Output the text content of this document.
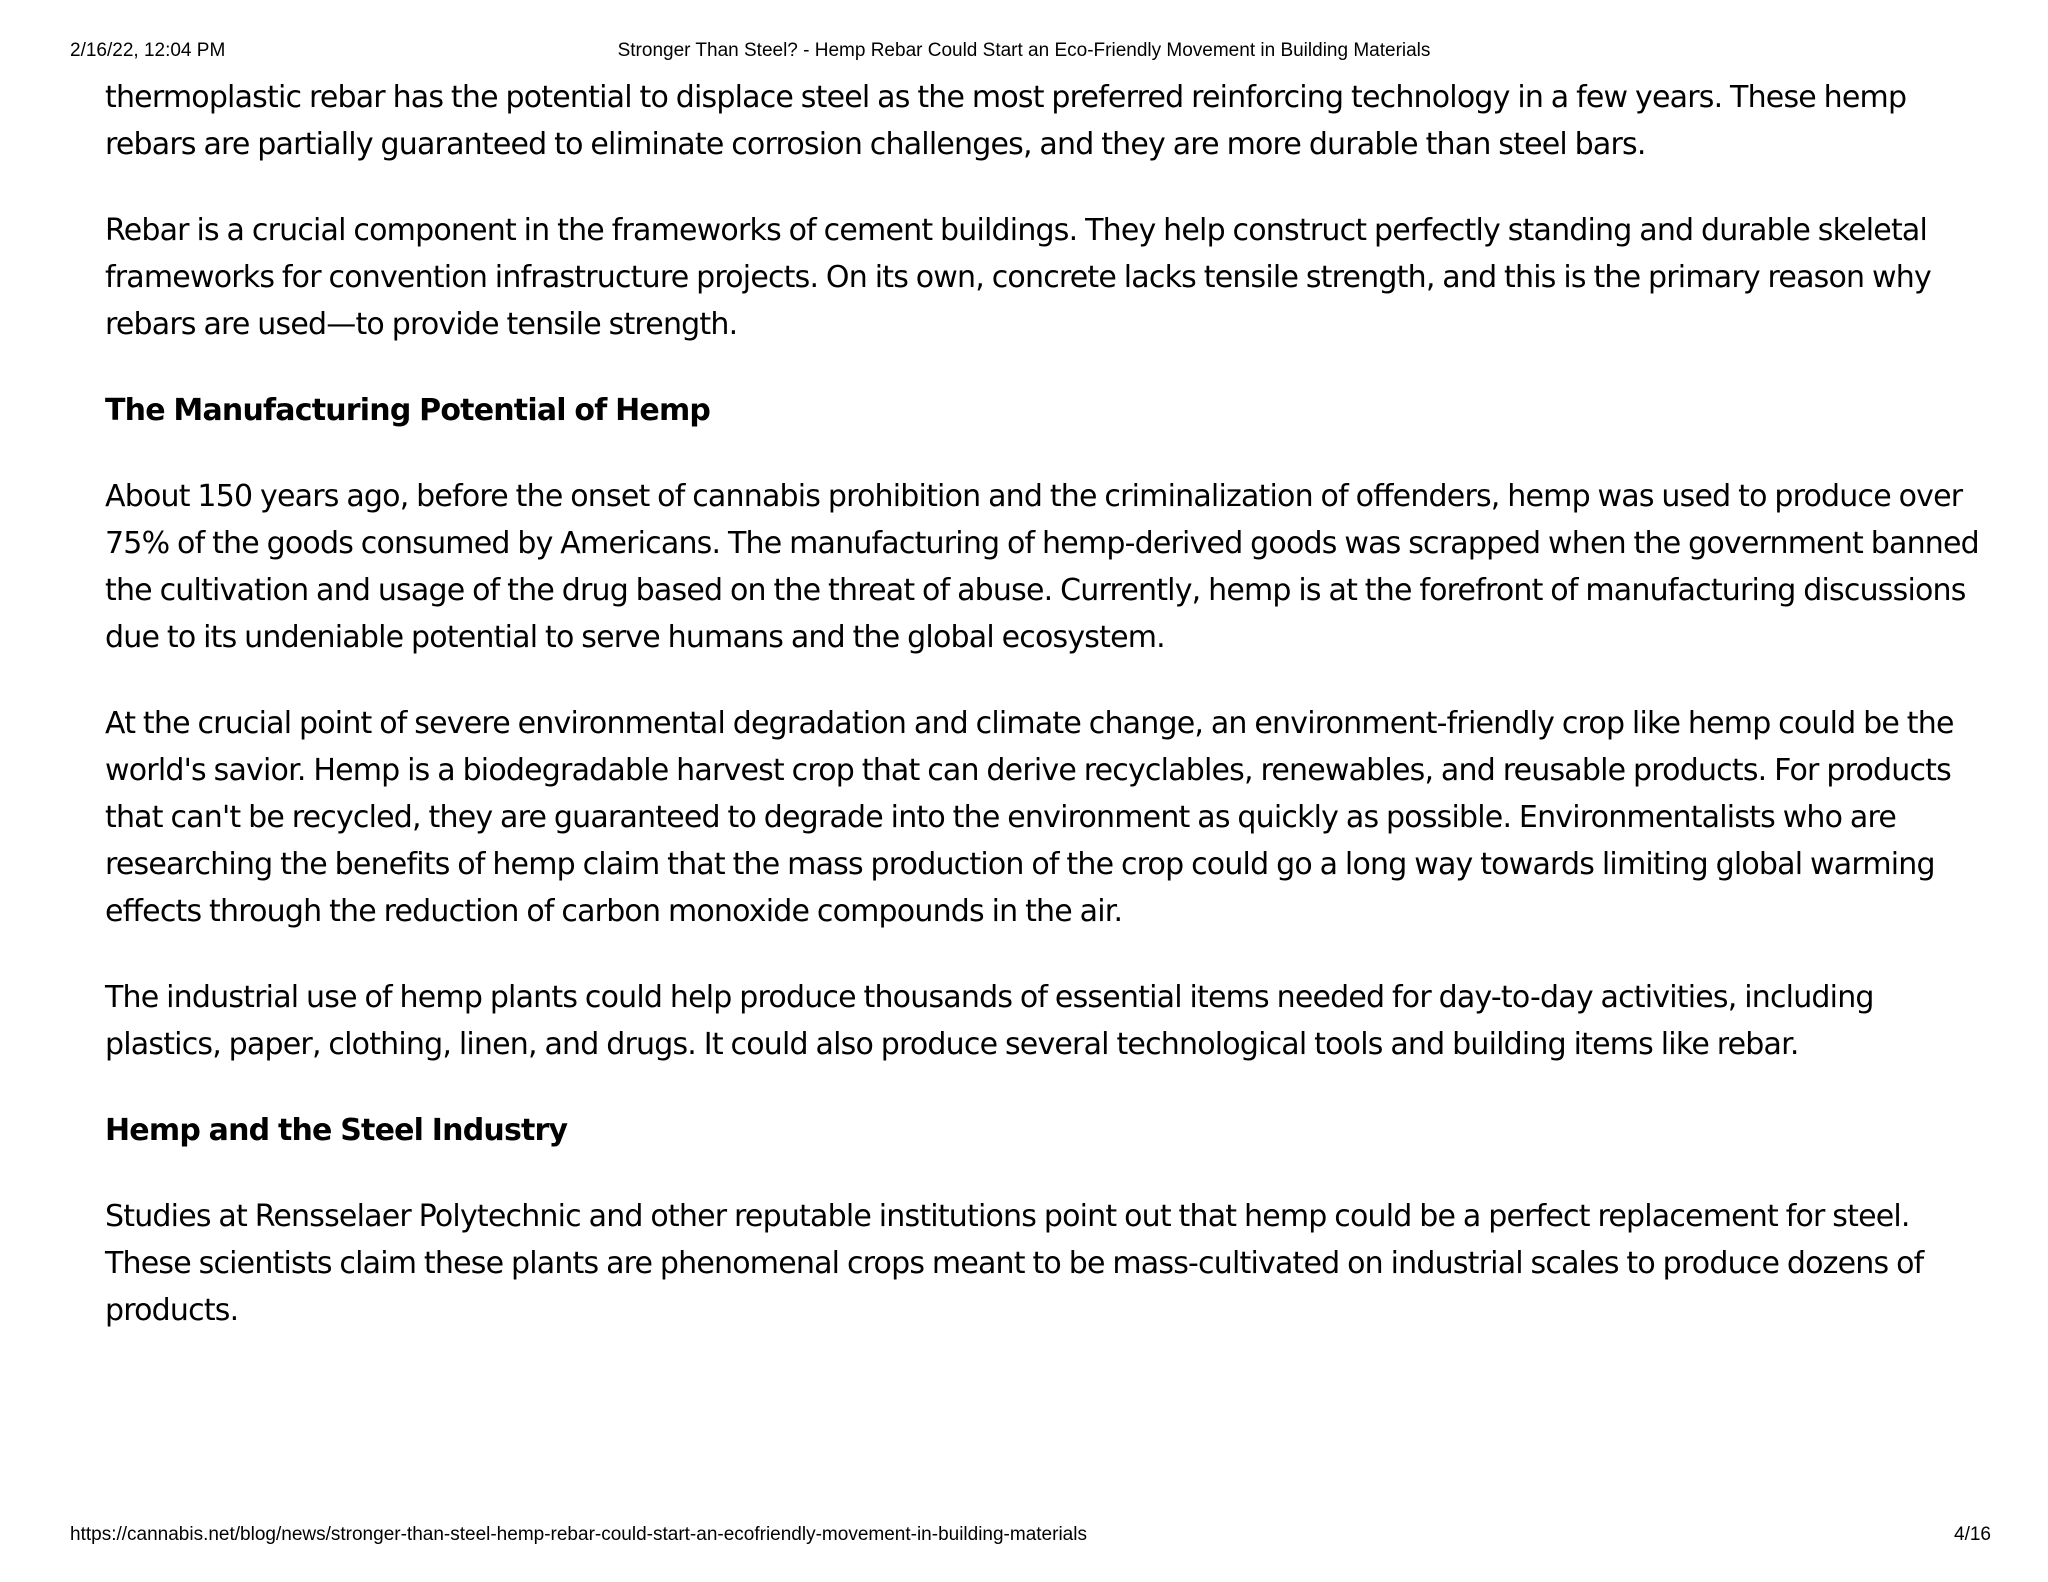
2/16/22, 12:04 PM	Stronger Than Steel? - Hemp Rebar Could Start an Eco-Friendly Movement in Building Materials

thermoplastic rebar has the potential to displace steel as the most preferred reinforcing technology in a few years. These hemp rebars are partially guaranteed to eliminate corrosion challenges, and they are more durable than steel bars.

Rebar is a crucial component in the frameworks of cement buildings. They help construct perfectly standing and durable skeletal frameworks for convention infrastructure projects. On its own, concrete lacks tensile strength, and this is the primary reason why rebars are used—to provide tensile strength.

The Manufacturing Potential of Hemp

About 150 years ago, before the onset of cannabis prohibition and the criminalization of offenders, hemp was used to produce over 75% of the goods consumed by Americans. The manufacturing of hemp-derived goods was scrapped when the government banned the cultivation and usage of the drug based on the threat of abuse. Currently, hemp is at the forefront of manufacturing discussions due to its undeniable potential to serve humans and the global ecosystem.

At the crucial point of severe environmental degradation and climate change, an environment-friendly crop like hemp could be the world's savior. Hemp is a biodegradable harvest crop that can derive recyclables, renewables, and reusable products. For products that can't be recycled, they are guaranteed to degrade into the environment as quickly as possible. Environmentalists who are researching the benefits of hemp claim that the mass production of the crop could go a long way towards limiting global warming effects through the reduction of carbon monoxide compounds in the air.

The industrial use of hemp plants could help produce thousands of essential items needed for day-to-day activities, including plastics, paper, clothing, linen, and drugs. It could also produce several technological tools and building items like rebar.

Hemp and the Steel Industry

Studies at Rensselaer Polytechnic and other reputable institutions point out that hemp could be a perfect replacement for steel. These scientists claim these plants are phenomenal crops meant to be mass-cultivated on industrial scales to produce dozens of products.

https://cannabis.net/blog/news/stronger-than-steel-hemp-rebar-could-start-an-ecofriendly-movement-in-building-materials	4/16
